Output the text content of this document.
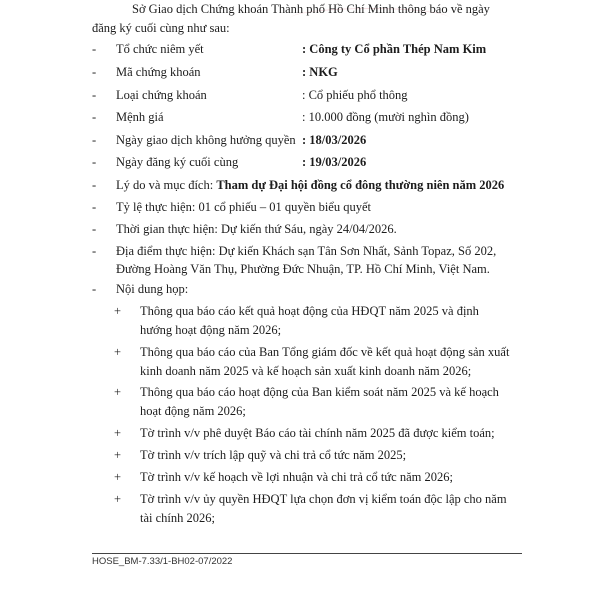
Sở Giao dịch Chứng khoán Thành phố Hồ Chí Minh thông báo về ngày đăng ký cuối cùng như sau:
-	Tổ chức niêm yết	: Công ty Cổ phần Thép Nam Kim
-	Mã chứng khoán	: NKG
-	Loại chứng khoán	: Cổ phiếu phổ thông
-	Mệnh giá	: 10.000 đồng (mười nghìn đồng)
-	Ngày giao dịch không hưởng quyền : 18/03/2026
-	Ngày đăng ký cuối cùng	: 19/03/2026
- Lý do và mục đích: Tham dự Đại hội đồng cổ đông thường niên năm 2026
- Tỷ lệ thực hiện: 01 cổ phiếu – 01 quyền biểu quyết
- Thời gian thực hiện: Dự kiến thứ Sáu, ngày 24/04/2026.
- Địa điểm thực hiện: Dự kiến Khách sạn Tân Sơn Nhất, Sảnh Topaz, Số 202, Đường Hoàng Văn Thụ, Phường Đức Nhuận, TP. Hồ Chí Minh, Việt Nam.
- Nội dung họp:
+ Thông qua báo cáo kết quả hoạt động của HĐQT năm 2025 và định hướng hoạt động năm 2026;
+ Thông qua báo cáo của Ban Tổng giám đốc về kết quả hoạt động sản xuất kinh doanh năm 2025 và kế hoạch sản xuất kinh doanh năm 2026;
+ Thông qua báo cáo hoạt động của Ban kiểm soát năm 2025 và kế hoạch hoạt động năm 2026;
+ Tờ trình v/v phê duyệt Báo cáo tài chính năm 2025 đã được kiểm toán;
+ Tờ trình v/v trích lập quỹ và chi trả cổ tức năm 2025;
+ Tờ trình v/v kế hoạch về lợi nhuận và chi trả cổ tức năm 2026;
+ Tờ trình v/v ủy quyền HĐQT lựa chọn đơn vị kiểm toán độc lập cho năm tài chính 2026;
HOSE_BM-7.33/1-BH02-07/2022
